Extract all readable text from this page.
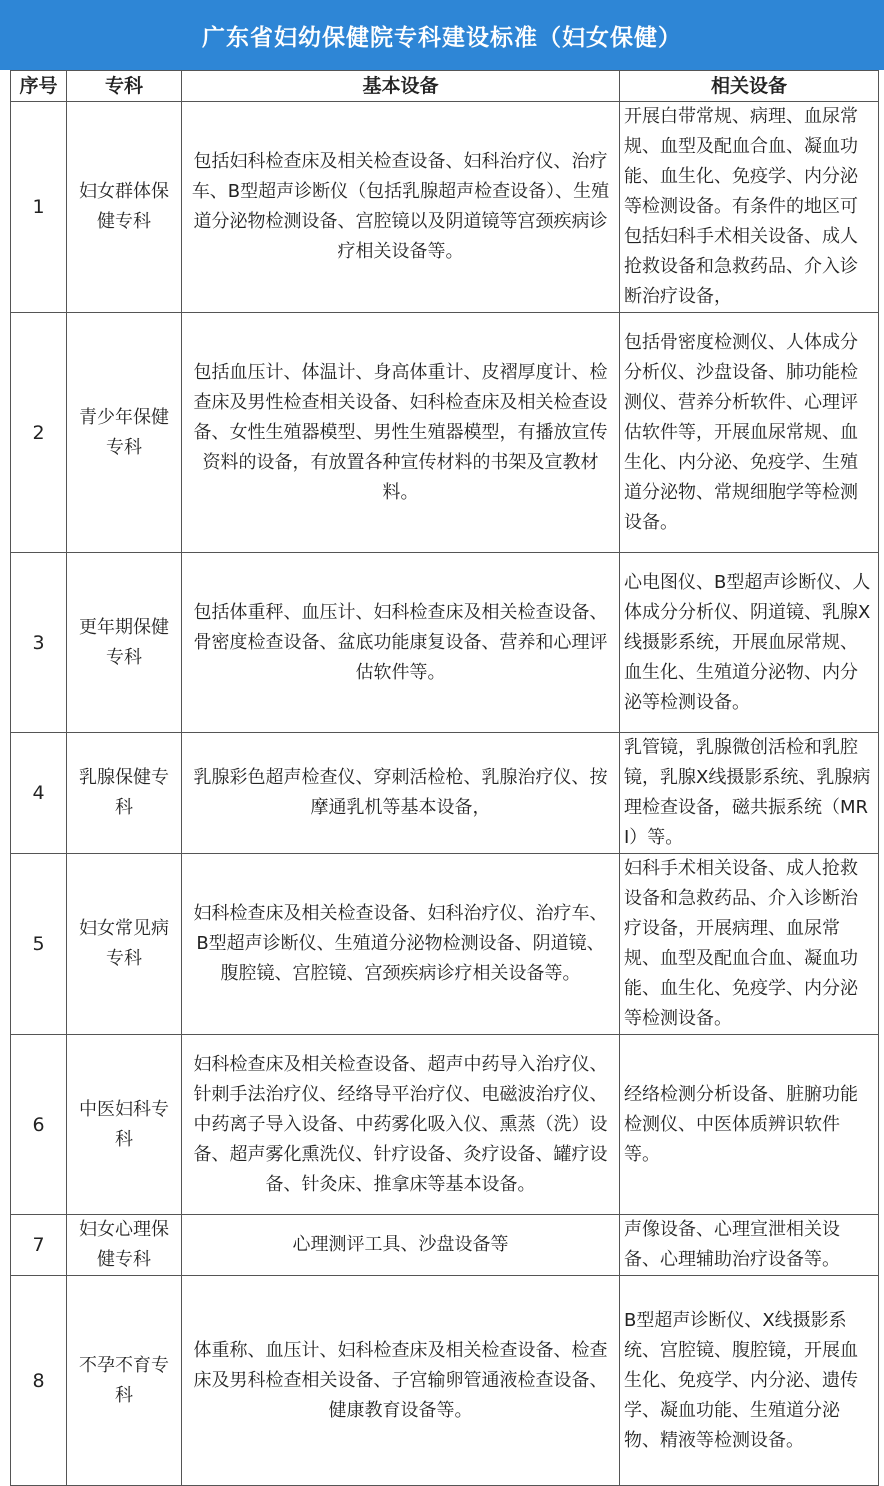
广东省妇幼保健院专科建设标准（妇女保健）
序号	专科	基本设备	相关设备
1	妇女群体保健专科	包括妇科检查床及相关检查设备、妇科治疗仪、治疗车、B型超声诊断仪（包括乳腺超声检查设备）、生殖道分泌物检测设备、宫腔镜以及阴道镜等宫颈疾病诊疗相关设备等。	开展白带常规、病理、血尿常规、血型及配血合血、凝血功能、血生化、免疫学、内分泌等检测设备。有条件的地区可包括妇科手术相关设备、成人抢救设备和急救药品、介入诊断治疗设备，
2	青少年保健专科	包括血压计、体温计、身高体重计、皮褶厚度计、检查床及男性检查相关设备、妇科检查床及相关检查设备、女性生殖器模型、男性生殖器模型，有播放宣传资料的设备，有放置各种宣传材料的书架及宣教材料。	包括骨密度检测仪、人体成分分析仪、沙盘设备、肺功能检测仪、营养分析软件、心理评估软件等，开展血尿常规、血生化、内分泌、免疫学、生殖道分泌物、常规细胞学等检测设备。
3	更年期保健专科	包括体重秤、血压计、妇科检查床及相关检查设备、骨密度检查设备、盆底功能康复设备、营养和心理评估软件等。	心电图仪、B型超声诊断仪、人体成分分析仪、阴道镜、乳腺X线摄影系统，开展血尿常规、血生化、生殖道分泌物、内分泌等检测设备。
4	乳腺保健专科	乳腺彩色超声检查仪、穿刺活检枪、乳腺治疗仪、按摩通乳机等基本设备，	乳管镜，乳腺微创活检和乳腔镜，乳腺X线摄影系统、乳腺病理检查设备，磁共振系统（MRI）等。
5	妇女常见病专科	妇科检查床及相关检查设备、妇科治疗仪、治疗车、B型超声诊断仪、生殖道分泌物检测设备、阴道镜、腹腔镜、宫腔镜、宫颈疾病诊疗相关设备等。	妇科手术相关设备、成人抢救设备和急救药品、介入诊断治疗设备，开展病理、血尿常规、血型及配血合血、凝血功能、血生化、免疫学、内分泌等检测设备。
6	中医妇科专科	妇科检查床及相关检查设备、超声中药导入治疗仪、针刺手法治疗仪、经络导平治疗仪、电磁波治疗仪、中药离子导入设备、中药雾化吸入仪、熏蒸（洗）设备、超声雾化熏洗仪、针疗设备、灸疗设备、罐疗设备、针灸床、推拿床等基本设备。	经络检测分析设备、脏腑功能检测仪、中医体质辨识软件等。
7	妇女心理保健专科	心理测评工具、沙盘设备等	声像设备、心理宣泄相关设备、心理辅助治疗设备等。
8	不孕不育专科	体重称、血压计、妇科检查床及相关检查设备、检查床及男科检查相关设备、子宫输卵管通液检查设备、健康教育设备等。	B型超声诊断仪、X线摄影系统、宫腔镜、腹腔镜，开展血生化、免疫学、内分泌、遗传学、凝血功能、生殖道分泌物、精液等检测设备。
